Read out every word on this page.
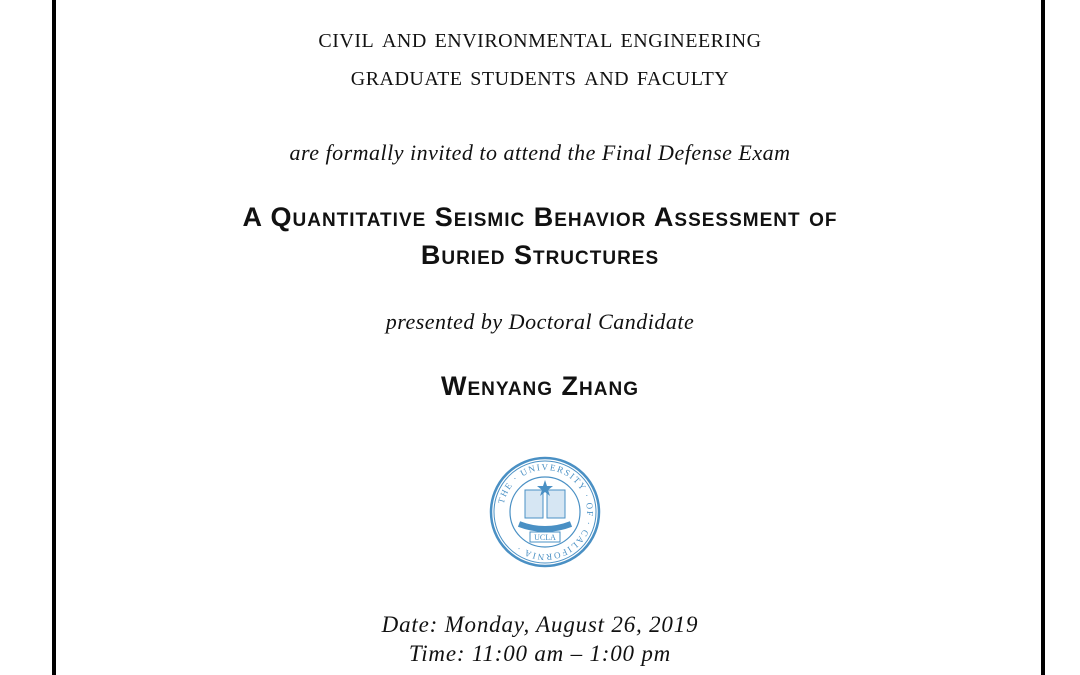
civil and environmental engineering
graduate students and faculty
are formally invited to attend the Final Defense Exam
A Quantitative Seismic Behavior Assessment of
Buried Structures
presented by Doctoral Candidate
Wenyang Zhang
THE · UNIVERSITY · OF · CALIFORNIA ·
UCLA
Date: Monday, August 26, 2019
Time: 11:00 am – 1:00 pm
